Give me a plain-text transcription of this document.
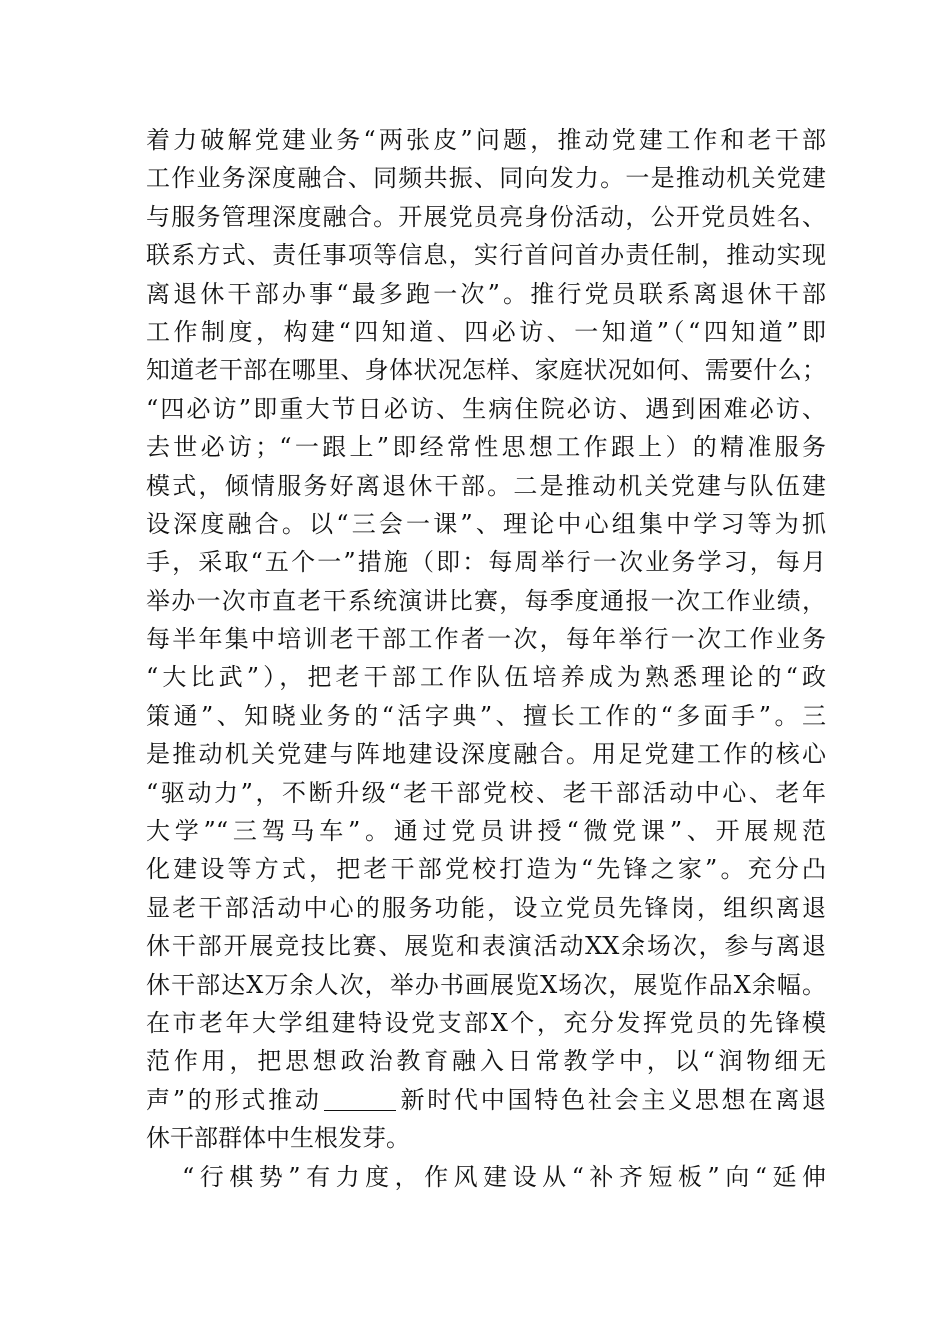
着力破解党建业务“两张皮”问题，推动党建工作和老干部
工作业务深度融合、同频共振、同向发力。一是推动机关党建
与服务管理深度融合。开展党员亮身份活动，公开党员姓名、
联系方式、责任事项等信息，实行首问首办责任制，推动实现
离退休干部办事“最多跑一次”。推行党员联系离退休干部
工作制度，构建“四知道、四必访、一知道”（“四知道”即
知道老干部在哪里、身体状况怎样、家庭状况如何、需要什么；
“四必访”即重大节日必访、生病住院必访、遇到困难必访、
去世必访；“一跟上”即经常性思想工作跟上）的精准服务
模式，倾情服务好离退休干部。二是推动机关党建与队伍建
设深度融合。以“三会一课”、理论中心组集中学习等为抓
手，采取“五个一”措施（即：每周举行一次业务学习，每月
举办一次市直老干系统演讲比赛，每季度通报一次工作业绩，
每半年集中培训老干部工作者一次，每年举行一次工作业务
“大比武”），把老干部工作队伍培养成为熟悉理论的“政
策通”、知晓业务的“活字典”、擅长工作的“多面手”。三
是推动机关党建与阵地建设深度融合。用足党建工作的核心
“驱动力”，不断升级“老干部党校、老干部活动中心、老年
大学”“三驾马车”。通过党员讲授“微党课”、开展规范
化建设等方式，把老干部党校打造为“先锋之家”。充分凸
显老干部活动中心的服务功能，设立党员先锋岗，组织离退
休干部开展竞技比赛、展览和表演活动XX余场次，参与离退
休干部达X万余人次，举办书画展览X场次，展览作品X余幅。
在市老年大学组建特设党支部X个，充分发挥党员的先锋模
范作用，把思想政治教育融入日常教学中，以“润物细无
声”的形式推动	新时代中国特色社会主义思想在离退
休干部群体中生根发芽。
“行棋势”有力度，作风建设从“补齐短板”向“延伸
